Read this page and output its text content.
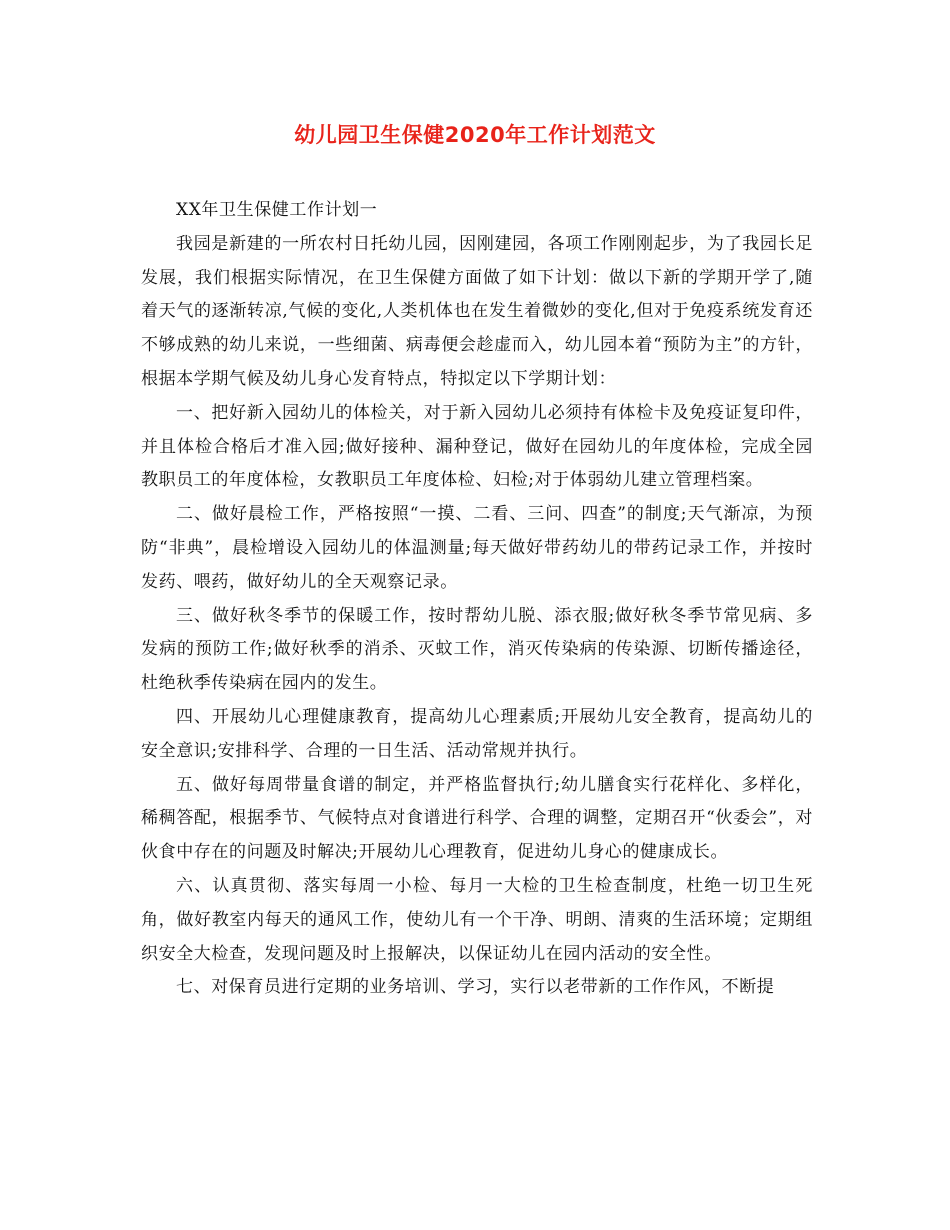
幼儿园卫生保健2020年工作计划范文

XX年卫生保健工作计划一

我园是新建的一所农村日托幼儿园，因刚建园，各项工作刚刚起步，为了我园长足发展，我们根据实际情况，在卫生保健方面做了如下计划：做以下新的学期开学了,随着天气的逐渐转凉,气候的变化,人类机体也在发生着微妙的变化,但对于免疫系统发育还不够成熟的幼儿来说，一些细菌、病毒便会趁虚而入，幼儿园本着“预防为主”的方针，根据本学期气候及幼儿身心发育特点，特拟定以下学期计划：

一、把好新入园幼儿的体检关，对于新入园幼儿必须持有体检卡及免疫证复印件，并且体检合格后才准入园;做好接种、漏种登记，做好在园幼儿的年度体检，完成全园教职员工的年度体检，女教职员工年度体检、妇检;对于体弱幼儿建立管理档案。

二、做好晨检工作，严格按照“一摸、二看、三问、四查”的制度;天气渐凉，为预防“非典”，晨检增设入园幼儿的体温测量;每天做好带药幼儿的带药记录工作，并按时发药、喂药，做好幼儿的全天观察记录。

三、做好秋冬季节的保暖工作，按时帮幼儿脱、添衣服;做好秋冬季节常见病、多发病的预防工作;做好秋季的消杀、灭蚊工作，消灭传染病的传染源、切断传播途径，杜绝秋季传染病在园内的发生。

四、开展幼儿心理健康教育，提高幼儿心理素质;开展幼儿安全教育，提高幼儿的安全意识;安排科学、合理的一日生活、活动常规并执行。

五、做好每周带量食谱的制定，并严格监督执行;幼儿膳食实行花样化、多样化，稀稠答配，根据季节、气候特点对食谱进行科学、合理的调整，定期召开“伙委会”，对伙食中存在的问题及时解决;开展幼儿心理教育，促进幼儿身心的健康成长。

六、认真贯彻、落实每周一小检、每月一大检的卫生检查制度，杜绝一切卫生死角，做好教室内每天的通风工作，使幼儿有一个干净、明朗、清爽的生活环境；定期组织安全大检查，发现问题及时上报解决，以保证幼儿在园内活动的安全性。

七、对保育员进行定期的业务培训、学习，实行以老带新的工作作风，不断提
